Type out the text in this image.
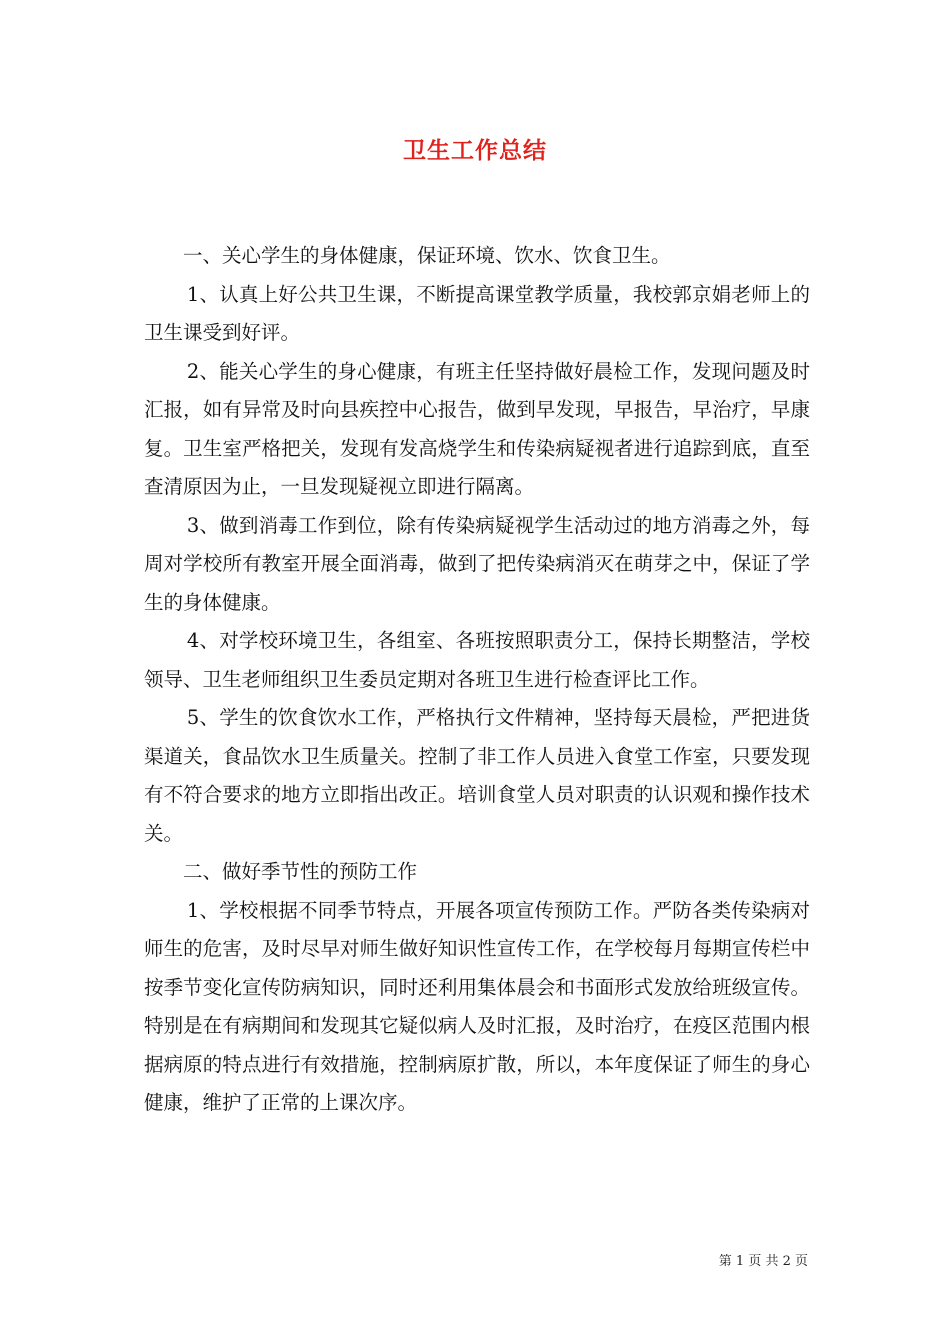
卫生工作总结

一、关心学生的身体健康，保证环境、饮水、饮食卫生。

1、认真上好公共卫生课，不断提高课堂教学质量，我校郭京娟老师上的卫生课受到好评。

2、能关心学生的身心健康，有班主任坚持做好晨检工作，发现问题及时汇报，如有异常及时向县疾控中心报告，做到早发现，早报告，早治疗，早康复。卫生室严格把关，发现有发高烧学生和传染病疑视者进行追踪到底，直至查清原因为止，一旦发现疑视立即进行隔离。

3、做到消毒工作到位，除有传染病疑视学生活动过的地方消毒之外，每周对学校所有教室开展全面消毒，做到了把传染病消灭在萌芽之中，保证了学生的身体健康。

4、对学校环境卫生，各组室、各班按照职责分工，保持长期整洁，学校领导、卫生老师组织卫生委员定期对各班卫生进行检查评比工作。

5、学生的饮食饮水工作，严格执行文件精神，坚持每天晨检，严把进货渠道关，食品饮水卫生质量关。控制了非工作人员进入食堂工作室，只要发现有不符合要求的地方立即指出改正。培训食堂人员对职责的认识观和操作技术关。

二、做好季节性的预防工作

1、学校根据不同季节特点，开展各项宣传预防工作。严防各类传染病对师生的危害，及时尽早对师生做好知识性宣传工作，在学校每月每期宣传栏中按季节变化宣传防病知识，同时还利用集体晨会和书面形式发放给班级宣传。特别是在有病期间和发现其它疑似病人及时汇报，及时治疗，在疫区范围内根据病原的特点进行有效措施，控制病原扩散，所以，本年度保证了师生的身心健康，维护了正常的上课次序。

第 1 页 共 2 页
